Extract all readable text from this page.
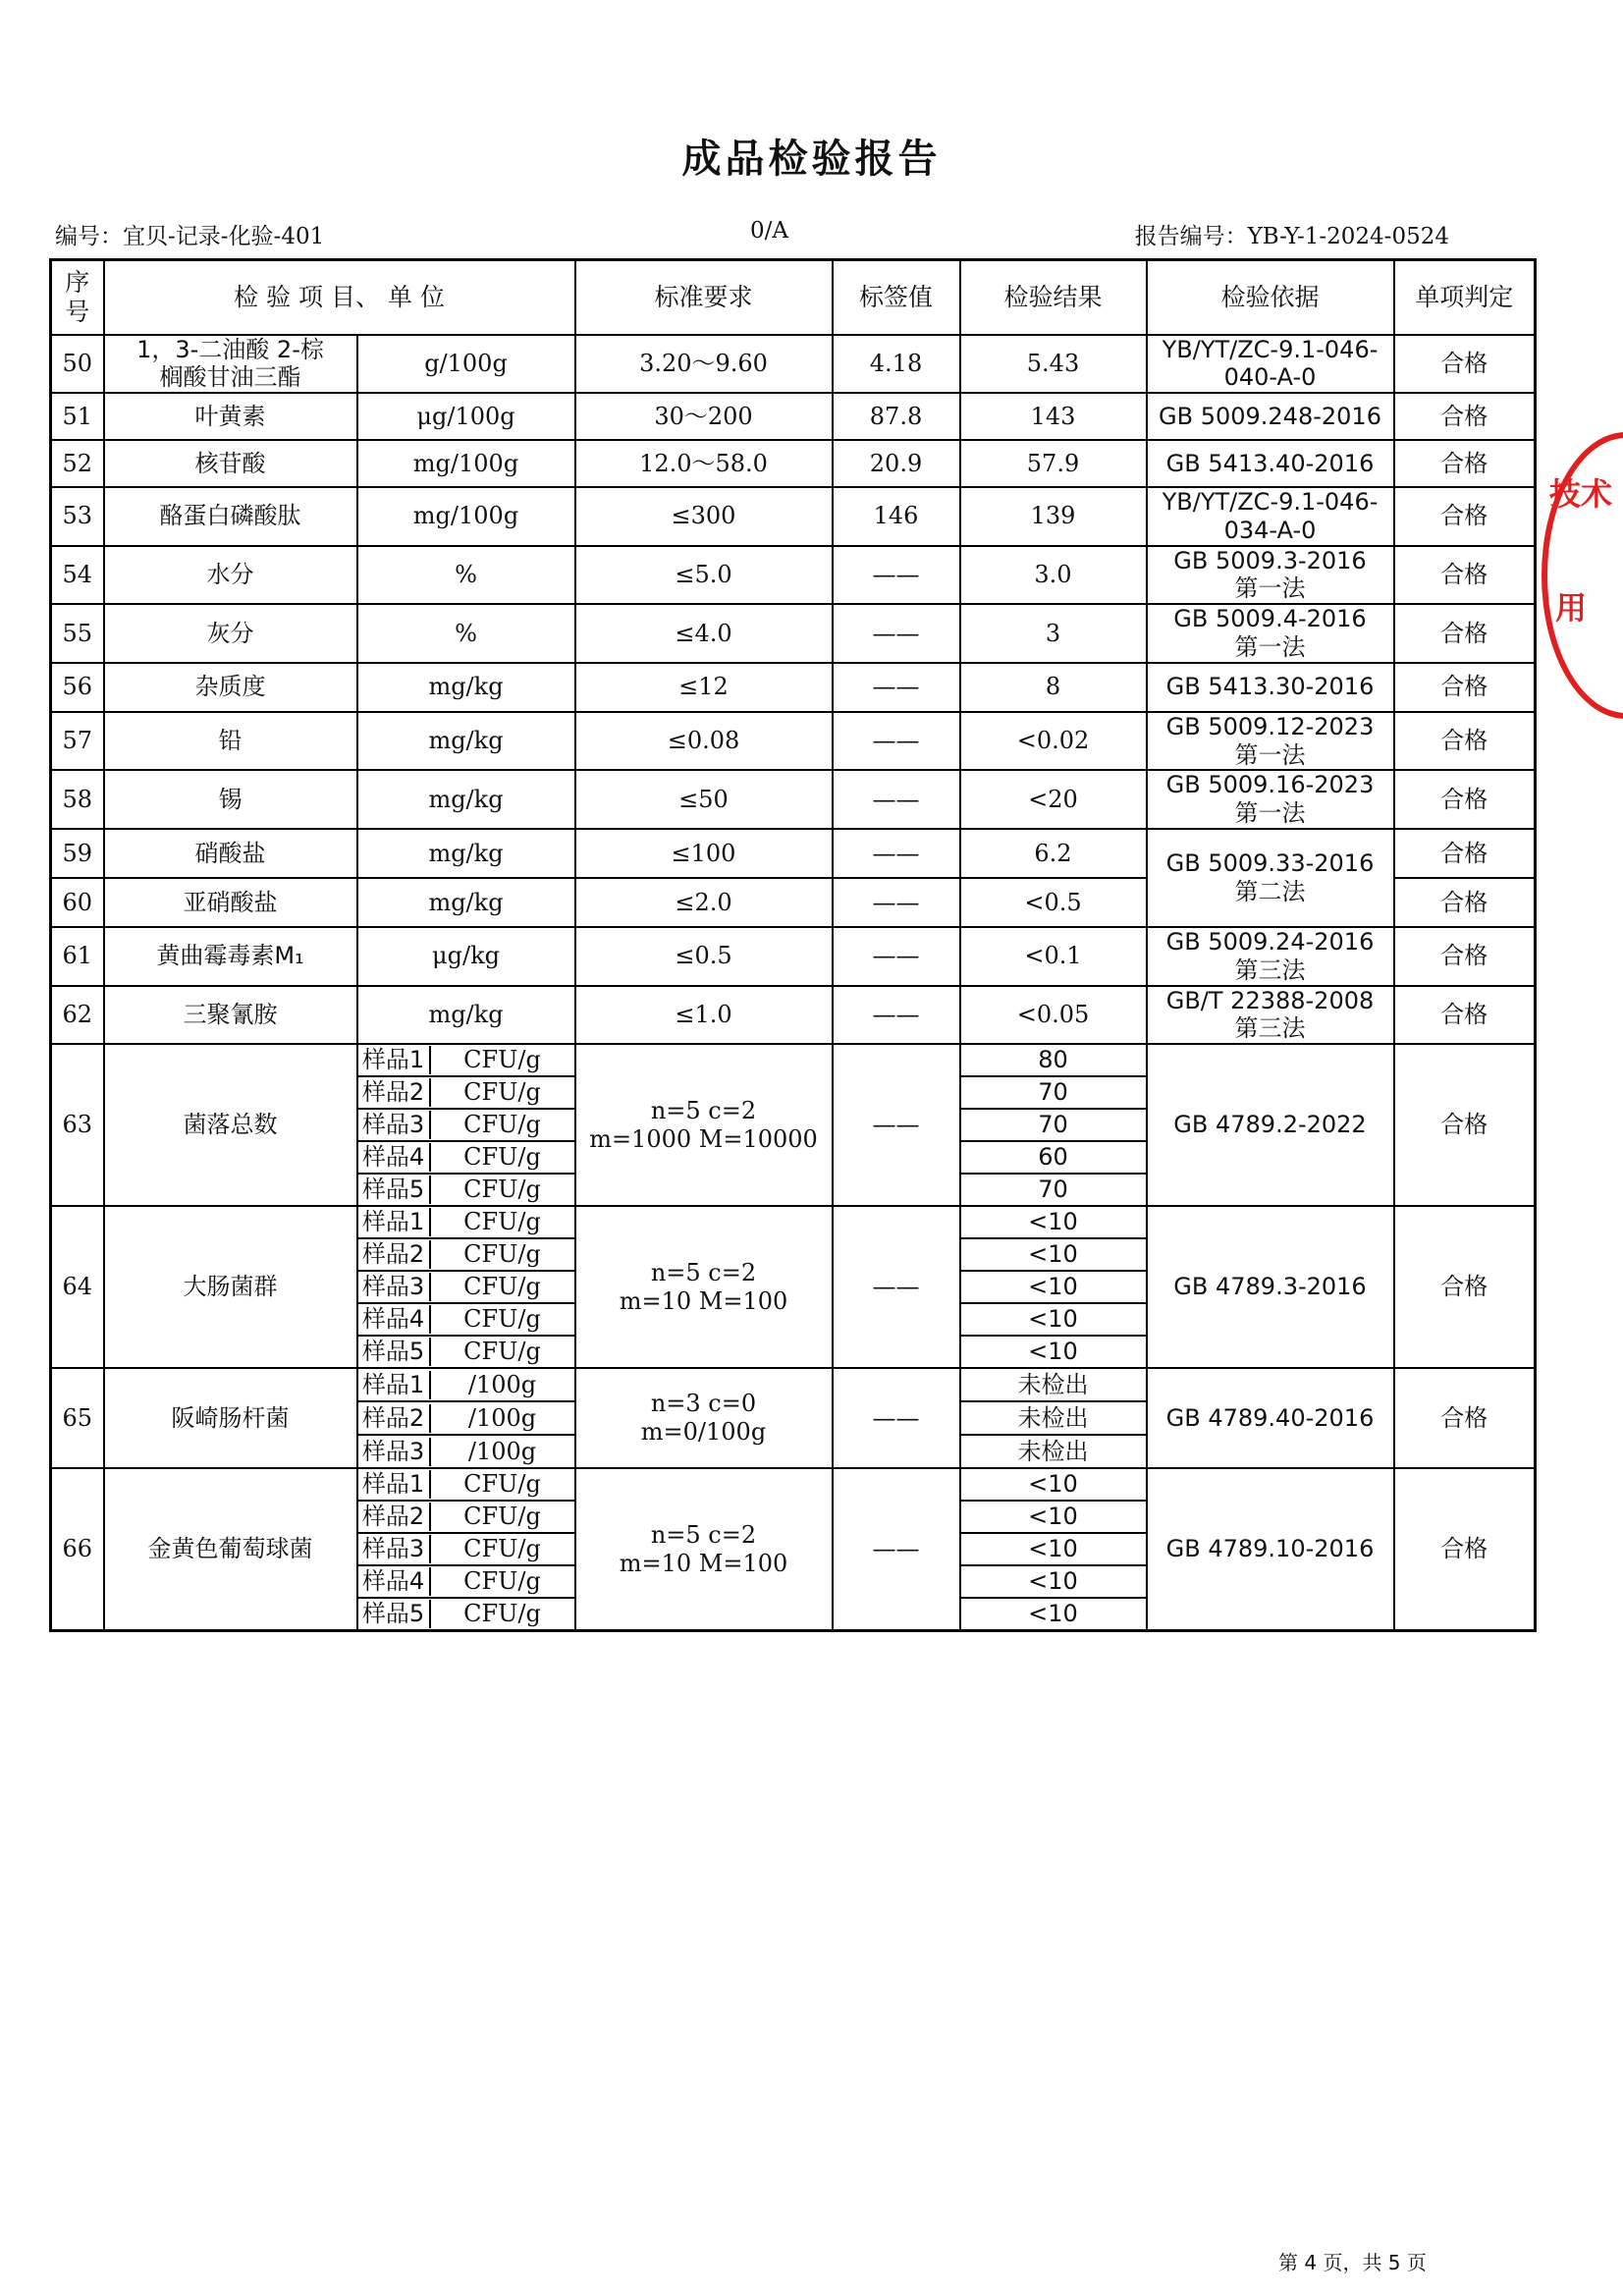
成品检验报告
编号：宜贝-记录-化验-401	0/A	报告编号：YB-Y-1-2024-0524
序号	检 验 项 目、 单 位		标准要求	标签值	检验结果	检验依据	单项判定
50	1，3-二油酸 2-棕
榈酸甘油三酯	g/100g	3.20～9.60	4.18	5.43	YB/YT/ZC-9.1-046-
040-A-0	合格
51	叶黄素	μg/100g	30～200	87.8	143	GB 5009.248-2016	合格
52	核苷酸	mg/100g	12.0～58.0	20.9	57.9	GB 5413.40-2016	合格
53	酪蛋白磷酸肽	mg/100g	≤300	146	139	YB/YT/ZC-9.1-046-
034-A-0	合格
54	水分	%	≤5.0	——	3.0	GB 5009.3-2016
第一法	合格
55	灰分	%	≤4.0	——	3	GB 5009.4-2016
第一法	合格
56	杂质度	mg/kg	≤12	——	8	GB 5413.30-2016	合格
57	铅	mg/kg	≤0.08	——	<0.02	GB 5009.12-2023
第一法	合格
58	锡	mg/kg	≤50	——	<20	GB 5009.16-2023
第一法	合格
59	硝酸盐	mg/kg	≤100	——	6.2	GB 5009.33-2016
第二法	合格
60	亚硝酸盐	mg/kg	≤2.0	——	<0.5		合格
61	黄曲霉毒素M₁	μg/kg	≤0.5	——	<0.1	GB 5009.24-2016
第三法	合格
62	三聚氰胺	mg/kg	≤1.0	——	<0.05	GB/T 22388-2008
第三法	合格
63	菌落总数	样品1 CFU/g	n=5 c=2
m=1000 M=10000	——	80	GB 4789.2-2022	合格

		样品2 CFU/g			70		

		样品3 CFU/g			70		

		样品4 CFU/g			60		

		样品5 CFU/g			70		
64	大肠菌群	样品1 CFU/g	n=5 c=2
m=10 M=100	——	<10	GB 4789.3-2016	合格

		样品2 CFU/g			<10		

		样品3 CFU/g			<10		

		样品4 CFU/g			<10		

		样品5 CFU/g			<10		
65	阪崎肠杆菌	样品1 /100g	n=3 c=0
m=0/100g	——	未检出	GB 4789.40-2016	合格

		样品2 /100g			未检出		

		样品3 /100g			未检出		
66	金黄色葡萄球菌	样品1 CFU/g	n=5 c=2
m=10 M=100	——	<10	GB 4789.10-2016	合格

		样品2 CFU/g			<10		

		样品3 CFU/g			<10		

		样品4 CFU/g			<10		

		样品5 CFU/g			<10		
技术
用
第 4 页，共 5 页
